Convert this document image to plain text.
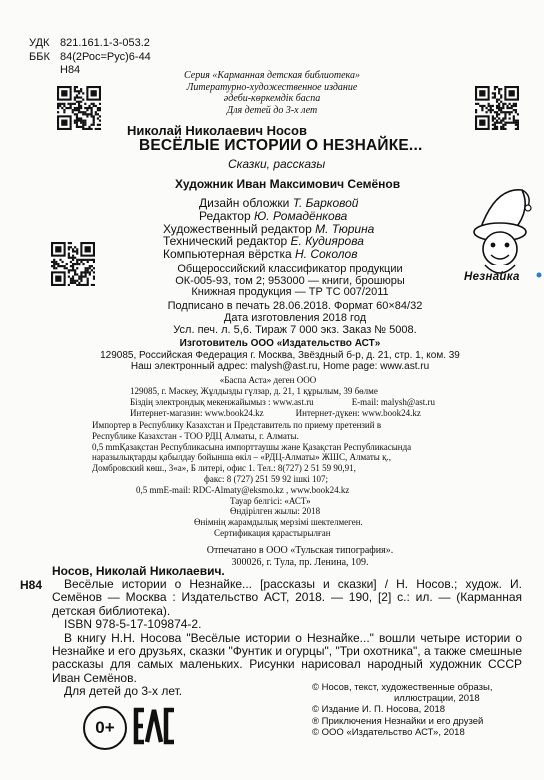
УДК 821.161.1-3-053.2
ББК 84(2Рос=Рус)6-44
Н84	Серия «Карманная детская библиотека»
Литературно-художественное издание
әдеби-көркемдік баспа
Для детей до 3-х лет
Николай Николаевич Носов
ВЕСЁЛЫЕ ИСТОРИИ О НЕЗНАЙКЕ...
Сказки, рассказы
Художник Иван Максимович Семёнов
Дизайн обложки Т. Барковой
Редактор Ю. Ромадёнкова
Художественный редактор М. Тюрина
Технический редактор Е. Кудиярова
Компьютерная вёрстка Н. Соколов
Общероссийский классификатор продукции
ОК-005-93, том 2; 953000 — книги, брошюры
Книжная продукция — ТР ТС 007/2011
Подписано в печать 28.06.2018. Формат 60×84/32
Дата изготовления 2018 год
Усл. печ. л. 5,6. Тираж 7 000 экз. Заказ № 5008.
Изготовитель ООО «Издательство АСТ»
129085, Российская Федерация г. Москва, Звёздный б-р, д. 21, стр. 1, ком. 39
Наш электронный адрес: malysh@ast.ru, Home page: www.ast.ru
«Баспа Аста» деген ООО
129085, г. Мәскеу, Жұлдызды гүлзар, д. 21, 1 құрылым, 39 бөлме
Біздің электрондық мекенжайымыз : www.ast.ru	E-mail: malysh@ast.ru
Интернет-магазин: www.book24.kz	Интернет-дүкен: www.book24.kz
Импортер в Республику Казахстан и Представитель по приему претензий в
Республике Казахстан - ТОО РДЦ Алматы, г. Алматы.
0,5 mmҚазақстан Республикасына импорттаушы және Қазақстан Республикасында
наразылықтарды қабылдау бойынша өкіл – «РДЦ-Алматы» ЖШС, Алматы қ.,
Домбровский көш., 3«а», Б литері, офис 1. Тел.: 8(727) 2 51 59 90,91,
факс: 8 (727) 251 59 92 ішкі 107;
0,5 mmE-mail: RDC-Almaty@eksmo.kz , www.book24.kz
Тауар белгісі: «АСТ»
Өндірілген жылы: 2018
Өнімнің жарамдылық мерзімі шектелмеген.
Сертификация қарастырылған
Отпечатано в ООО «Тульская типография».
300026, г. Тула, пр. Ленина, 109.
Носов, Николай Николаевич.
Н84	Весёлые истории о Незнайке... [рассказы и сказки] / Н. Носов.; худож. И. Семёнов — Москва : Издательство АСТ, 2018. — 190, [2] с.: ил. — (Карманная детская библиотека).

ISBN 978-5-17-109874-2.

В книгу Н.Н. Носова "Весёлые истории о Незнайке..." вошли четыре истории о Незнайке и его друзьях, сказки "Фунтик и огурцы", "Три охотника", а также смешные рассказы для самых маленьких. Рисунки нарисовал народный художник СССР Иван Семёнов.

Для детей до 3-х лет.	© Носов, текст, художественные образы,
иллюстрации, 2018
© Издание И. П. Носова, 2018
® Приключения Незнайки и его друзей
© ООО «Издательство АСТ», 2018
0+
Незнайка
